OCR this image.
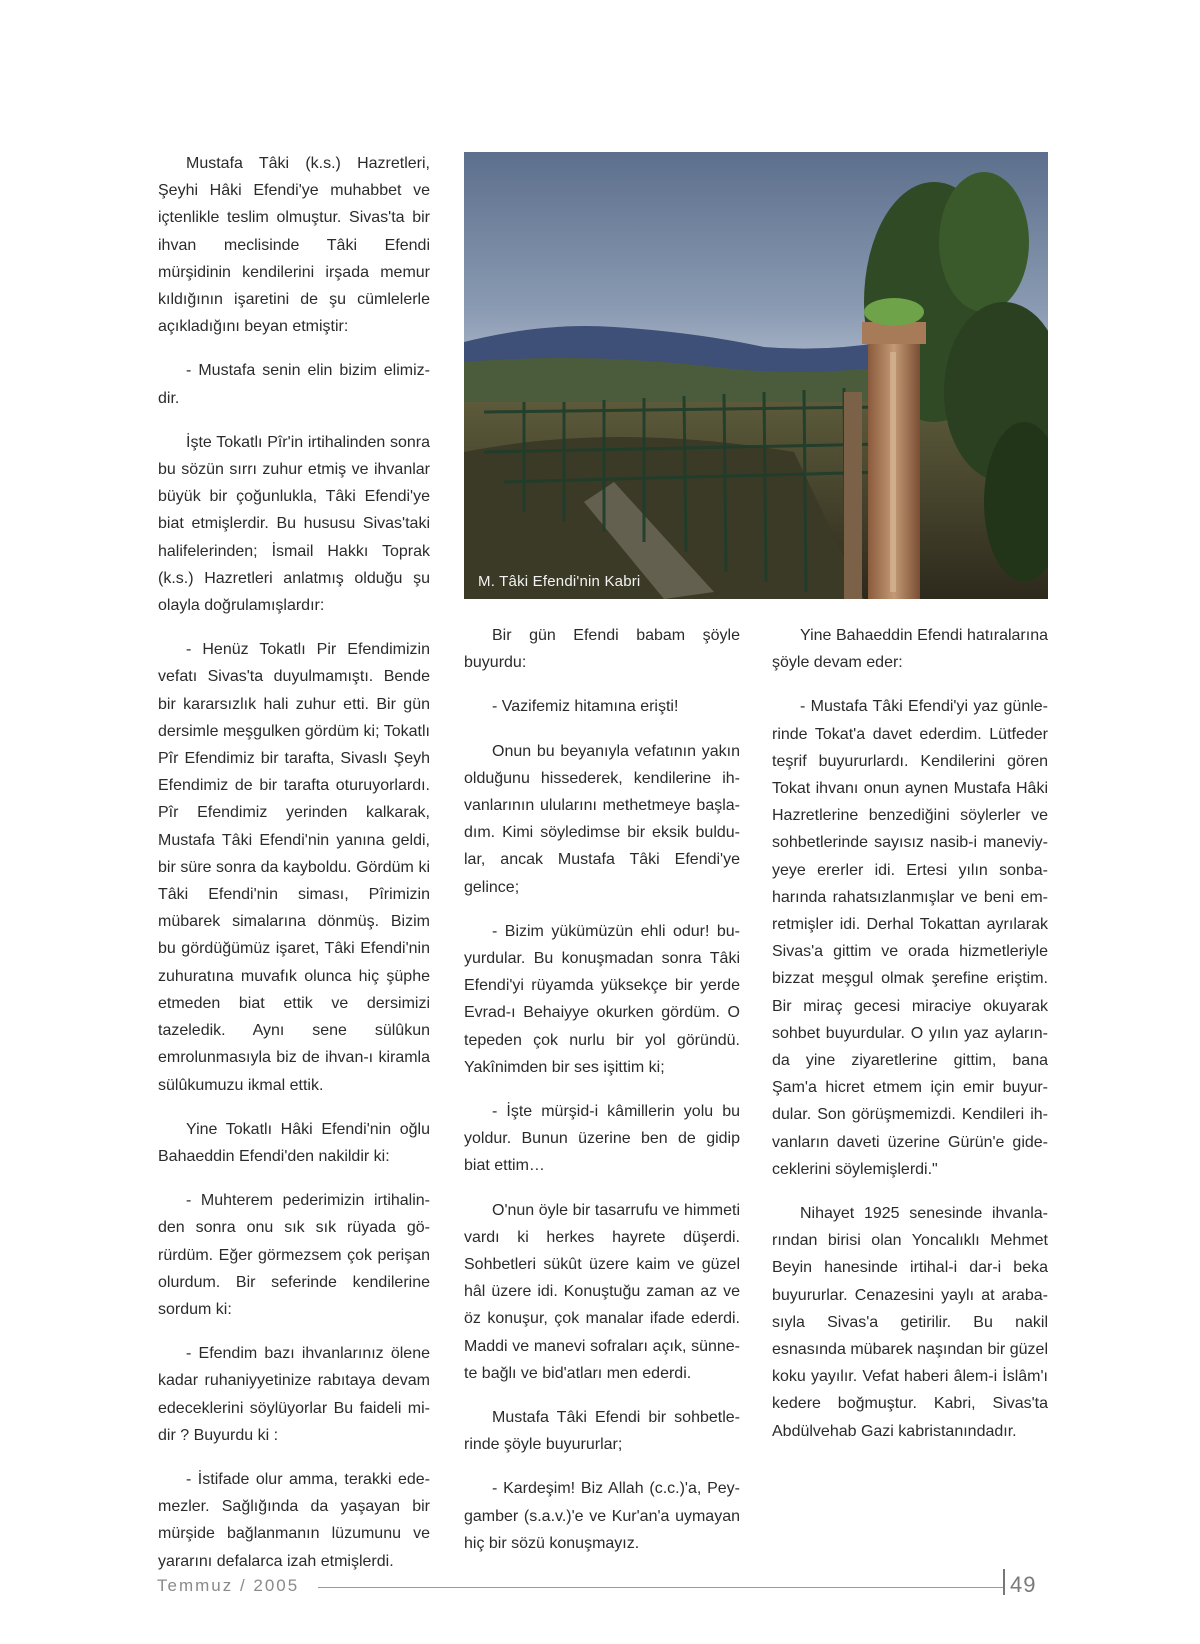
Mustafa Tâki (k.s.) Hazretleri, Şeyhi Hâki Efendi'ye muhabbet ve içtenlikle teslim olmuştur. Sivas'ta bir ihvan meclisinde Tâki Efendi mürşidinin kendilerini irşada memur kıldığının işaretini de şu cümlelerle açıkladığını beyan etmiştir:

- Mustafa senin elin bizim elimizdir.

İşte Tokatlı Pîr'in irtihalinden sonra bu sözün sırrı zuhur etmiş ve ihvanlar büyük bir çoğunlukla, Tâki Efendi'ye biat etmişlerdir. Bu hususu Sivas'taki halifelerinden; İsmail Hakkı Toprak (k.s.) Hazretleri anlatmış olduğu şu olayla doğrulamışlardır:

- Henüz Tokatlı Pir Efendimizin vefatı Sivas'ta duyulmamıştı. Bende bir kararsızlık hali zuhur etti. Bir gün dersimle meşgulken gördüm ki; Tokatlı Pîr Efendimiz bir tarafta, Sivaslı Şeyh Efendimiz de bir tarafta oturuyorlardı. Pîr Efendimiz yerinden kalkarak, Mustafa Tâki Efendi'nin yanına geldi, bir süre sonra da kayboldu. Gördüm ki Tâki Efendi'nin siması, Pîrimizin mübarek simalarına dönmüş. Bizim bu gördüğümüz işaret, Tâki Efendi'nin zuhuratına muvafık olunca hiç şüphe etmeden biat ettik ve dersimizi tazeledik. Aynı sene sülûkun emrolunmasıyla biz de ihvan-ı kiramla sülûkumuzu ikmal ettik.

Yine Tokatlı Hâki Efendi'nin oğlu Bahaeddin Efendi'den nakildir ki:

- Muhterem pederimizin irtihalinden sonra onu sık sık rüyada görürdüm. Eğer görmezsem çok perişan olurdum. Bir seferinde kendilerine sordum ki:

- Efendim bazı ihvanlarınız ölene kadar ruhaniyyetinize rabıtaya devam edeceklerini söylüyorlar Bu faideli midir ? Buyurdu ki :

- İstifade olur amma, terakki edemezler. Sağlığında da yaşayan bir mürşide bağlanmanın lüzumunu ve yararını defalarca izah etmişlerdi.

M. Tâki Efendi'nin Kabri

Bir gün Efendi babam şöyle buyurdu:

- Vazifemiz hitamına erişti!

Onun bu beyanıyla vefatının yakın olduğunu hissederek, kendilerine ihvanlarının ulularını methetmeye başladım. Kimi söyledimse bir eksik buldular, ancak Mustafa Tâki Efendi'ye gelince;

- Bizim yükümüzün ehli odur! buyurdular. Bu konuşmadan sonra Tâki Efendi'yi rüyamda yüksekçe bir yerde Evrad-ı Behaiyye okurken gördüm. O tepeden çok nurlu bir yol göründü. Yakînimden bir ses işittim ki;

- İşte mürşid-i kâmillerin yolu bu yoldur. Bunun üzerine ben de gidip biat ettim…

O'nun öyle bir tasarrufu ve himmeti vardı ki herkes hayrete düşerdi. Sohbetleri sükût üzere kaim ve güzel hâl üzere idi. Konuştuğu zaman az ve öz konuşur, çok manalar ifade ederdi. Maddi ve manevi sofraları açık, sünnete bağlı ve bid'atları men ederdi.

Mustafa Tâki Efendi bir sohbetlerinde şöyle buyururlar;

- Kardeşim! Biz Allah (c.c.)'a, Peygamber (s.a.v.)'e ve Kur'an'a uymayan hiç bir sözü konuşmayız.

Yine Bahaeddin Efendi hatıralarına şöyle devam eder:

- Mustafa Tâki Efendi'yi yaz günlerinde Tokat'a davet ederdim. Lütfeder teşrif buyururlardı. Kendilerini gören Tokat ihvanı onun aynen Mustafa Hâki Hazretlerine benzediğini söylerler ve sohbetlerinde sayısız nasib-i maneviyyeye ererler idi. Ertesi yılın sonbaharında rahatsızlanmışlar ve beni emretmişler idi. Derhal Tokattan ayrılarak Sivas'a gittim ve orada hizmetleriyle bizzat meşgul olmak şerefine eriştim. Bir miraç gecesi miraciye okuyarak sohbet buyurdular. O yılın yaz aylarında yine ziyaretlerine gittim, bana Şam'a hicret etmem için emir buyurdular. Son görüşmemizdi. Kendileri ihvanların daveti üzerine Gürün'e gideceklerini söylemişlerdi."

Nihayet 1925 senesinde ihvanlarından birisi olan Yoncalıklı Mehmet Beyin hanesinde irtihal-i dar-i beka buyururlar. Cenazesini yaylı at arabasıyla Sivas'a getirilir. Bu nakil esnasında mübarek naşından bir güzel koku yayılır. Vefat haberi âlem-i İslâm'ı kedere boğmuştur. Kabri, Sivas'ta Abdülvehab Gazi kabristanındadır.

Temmuz / 2005	49
